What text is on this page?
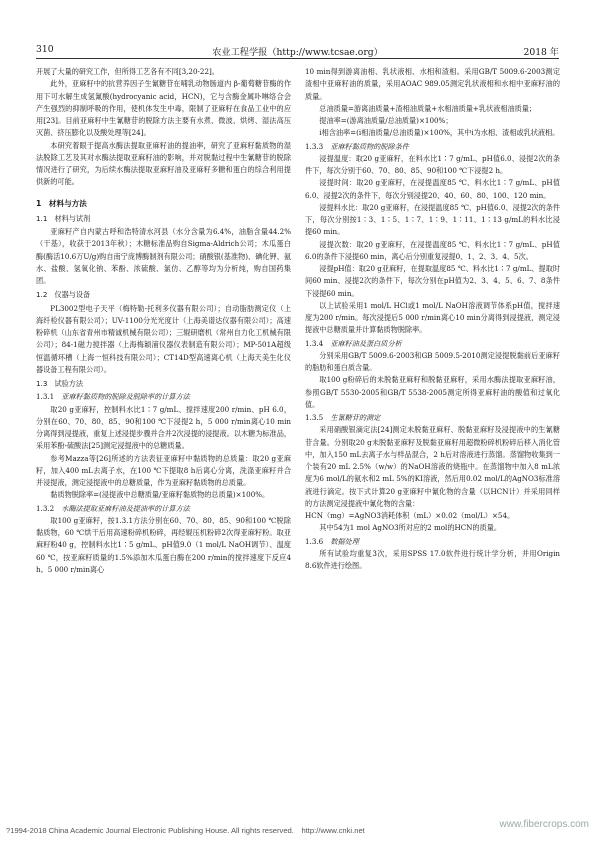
310	农业工程学报（http://www.tcsae.org）	2018 年

开展了大量的研究工作，但所得工艺各有不同[3,20-22]。

此外，亚麻籽中的抗营养因子生氰糖苷在哺乳动物肠道内 β-葡萄糖苷酶的作用下可水解生成氢氰酸(hydrocyanic acid，HCN)，它与含酶金属卟啉络合会产生强烈的抑制呼吸的作用，使机体发生中毒，限制了亚麻籽在食品工业中的应用[23]。目前亚麻籽中生氰糖苷的脱除方法主要有水煮、微波、烘烤、湿法高压灭菌、挤压膨化以及酸处理等[24]。

本研究着眼于提高水酶法提取亚麻籽油的提油率，研究了亚麻籽黏质物的湿法脱除工艺及其对水酶法提取亚麻籽油的影响，并对脱黏过程中生氰糖苷的脱除情况进行了研究，为后续水酶法提取亚麻籽油及亚麻籽多糖和蛋白的综合利用提供新的可能。

1　材料与方法
1.1　材料与试剂

亚麻籽产自内蒙古呼和浩特清水河县（水分含量为6.4%，油脂含量44.2%（干基），收获于2013年秋）；木糖标准品购自Sigma-Aldrich公司；木瓜蛋白酶(酶活10.6万U/g)购自南宁庞博酶制剂有限公司；硝酸银(基准物)、碘化钾、氨水、盐酸、氢氧化钠、苯酚、浓硫酸、氯仿、乙醇等均为分析纯，购自国药集团。

1.2　仪器与设备

PL3002型电子天平（梅特勒-托利多仪器有限公司）；自动脂肪测定仪（上海纤检仪器有限公司）；UV-1100分光光度计（上海美谱达仪器有限公司）；高速粉碎机（山东省青州市精诚机械有限公司）；三辊研磨机（常州自力化工机械有限公司）；84-1磁力搅拌器（上海梅颖浦仪器仪表制造有限公司）；MP-501A超级恒温循环槽（上海一恒科技有限公司）；CT14D型高速离心机（上海天美生化仪器设备工程有限公司）。

1.3　试验方法
1.3.1　亚麻籽黏质物的脱除及脱除率的计算方法

取20 g亚麻籽，控制料水比1∶7 g/mL、搅拌速度200 r/min、pH 6.0，分别在60、70、80、85、90和100 ℃下浸提2 h，5 000 r/min离心10 min分离得到浸提液，重复上述浸提步骤并合并2次浸提的浸提液。以木糖为标准品，采用苯酚-硫酸法[25]测定浸提液中的总糖质量。

参考Mazza等[26]所述的方法表征亚麻籽中黏质物的总质量：取20 g亚麻籽，加入400 mL去离子水，在100 ℃下提取8 h后离心分离，洗涤亚麻籽并合并浸提液，测定浸提液中的总糖质量，作为亚麻籽黏质物的总质量。

黏质物脱除率=(浸提液中总糖质量/亚麻籽黏质物的总质量)×100%。

1.3.2　水酶法提取亚麻籽油及提油率的计算方法

取100 g亚麻籽，按1.3.1方法分别在60、70、80、85、90和100 ℃脱除黏质物，60 ℃烘干后用高速粉碎机粉碎，再经辊压机粉碎2次得亚麻籽粉。取亚麻籽粉40 g，控制料水比1∶5 g/mL、pH值9.0（1 mol/L NaOH调节）、温度60 ℃，按亚麻籽质量的1.5%添加木瓜蛋白酶在200 r/min的搅拌速度下反应4 h。5 000 r/min离心

10 min得到游离油相、乳状液相、水相和渣相。采用GB/T 5009.6-2003测定渣相中亚麻籽油的质量，采用AOAC 989.05测定乳状液相和水相中亚麻籽油的质量。

总油质量=游离油质量+渣相油质量+水相油质量+乳状液相油质量；

提油率=(游离油质量/总油质量)×100%；

i相含油率=(i相油质量/总油质量)×100%，其中i为水相、渣相或乳状液相。

1.3.3　亚麻籽黏质物的脱除条件

浸提温度：取20 g亚麻籽，在料水比1∶7 g/mL、pH值6.0、浸提2次的条件下，每次分别于60、70、80、85、90和100 ℃下浸提2 h。

浸提时间：取20 g亚麻籽，在浸提温度85 ℃、料水比1∶7 g/mL、pH值6.0、浸提2次的条件下，每次分别浸提20、40、60、80、100、120 min。

浸提料水比：取20 g亚麻籽，在浸提温度85 ℃、pH值6.0、浸提2次的条件下，每次分别按1∶3、1∶5、1∶7、1∶9、1∶11、1∶13 g/mL的料水比浸提60 min。

浸提次数：取20 g亚麻籽，在浸提温度85 ℃、料水比1∶7 g/mL、pH值6.0的条件下浸提60 min，离心后分别重复浸提0、1、2、3、4、5次。

浸提pH值：取20 g亚麻籽，在提取温度85 ℃、料水比1∶7 g/mL、提取时间60 min、浸提2次的条件下，每次分别在pH值为2、3、4、5、6、7、8条件下浸提60 min。

以上试验采用1 mol/L HCl或1 mol/L NaOH溶液调节体系pH值，搅拌速度为200 r/min。每次浸提后5 000 r/min离心10 min分离得到浸提液，测定浸提液中总糖质量并计算黏质物脱除率。

1.3.4　亚麻籽油及蛋白质分析

分别采用GB/T 5009.6-2003和GB 5009.5-2010测定浸提脱黏前后亚麻籽的脂肪和蛋白质含量。

取100 g粉碎后的未脱黏亚麻籽和脱黏亚麻籽，采用水酶法提取亚麻籽油，参照GB/T 5530-2005和GB/T 5538-2005测定所得亚麻籽油的酸值和过氧化值。

1.3.5　生氰糖苷的测定

采用硝酸银滴定法[24]测定未脱黏亚麻籽、脱黏亚麻籽及浸提液中的生氰糖苷含量。分别取20 g未脱黏亚麻籽及脱黏亚麻籽用超微粉碎机粉碎后移入消化管中，加入150 mL去离子水与样品混合，2 h后对溶液进行蒸馏。蒸馏物收集到一个装有20 mL 2.5%（w/w）的NaOH溶液的烧瓶中。在蒸馏物中加入8 mL浓度为6 mol/L的氨水和2 mL 5%的KI溶液，然后用0.02 mol/L的AgNO3标准溶液进行滴定。按下式计算20 g亚麻籽中氰化物的含量（以HCN计）并采用同样的方法测定浸提液中氰化物的含量：

HCN（mg）=AgNO3消耗体积（mL）×0.02（mol/L）×54。

其中54为1 mol AgNO3所对应的2 mol的HCN的质量。

1.3.6　数据处理

所有试验均重复3次，采用SPSS 17.0软件进行统计学分析，并用Origin 8.6软件进行绘图。

?1994-2018 China Academic Journal Electronic Publishing House. All rights reserved.　http://www.cnki.net
www.fibercrops.com
